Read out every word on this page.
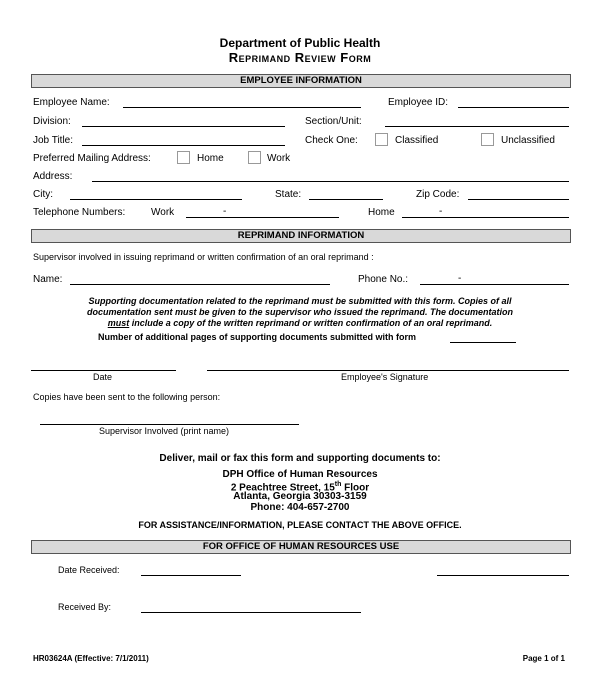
Department of Public Health
Reprimand Review Form
EMPLOYEE INFORMATION
Employee Name:	Employee ID:
Division:	Section/Unit:
Job Title:	Check One:	Classified	Unclassified
Preferred Mailing Address:	Home	Work
Address:
City:	State:	Zip Code:
Telephone Numbers:	Work	-	Home	-
REPRIMAND INFORMATION
Supervisor involved in issuing reprimand or written confirmation of an oral reprimand :
Name:	Phone No.:	-
Supporting documentation related to the reprimand must be submitted with this form. Copies of all
documentation sent must be given to the supervisor who issued the reprimand. The documentation
must include a copy of the written reprimand or written confirmation of an oral reprimand.
Number of additional pages of supporting documents submitted with form
Date	Employee's Signature
Copies have been sent to the following person:
Supervisor Involved (print name)
Deliver, mail or fax this form and supporting documents to:
DPH Office of Human Resources
2 Peachtree Street, 15th Floor
Atlanta, Georgia 30303-3159
Phone: 404-657-2700
FOR ASSISTANCE/INFORMATION, PLEASE CONTACT THE ABOVE OFFICE.
FOR OFFICE OF HUMAN RESOURCES USE
Date Received:
Received By:
HR03624A (Effective: 7/1/2011)	Page 1 of 1
